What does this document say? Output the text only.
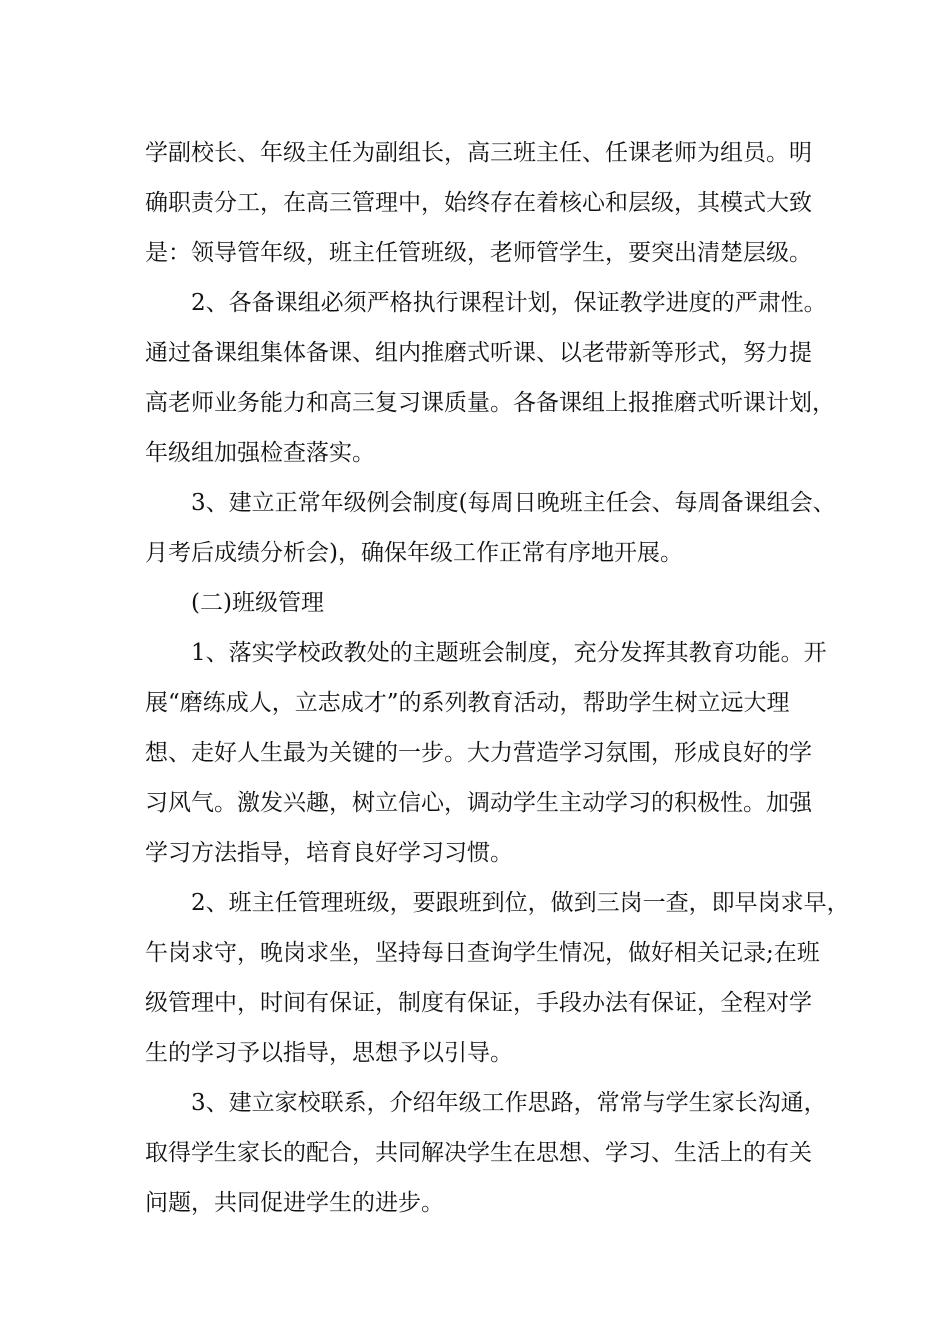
学副校长、年级主任为副组长，高三班主任、任课老师为组员。明
确职责分工，在高三管理中，始终存在着核心和层级，其模式大致
是：领导管年级，班主任管班级，老师管学生，要突出清楚层级。
2、各备课组必须严格执行课程计划，保证教学进度的严肃性。
通过备课组集体备课、组内推磨式听课、以老带新等形式，努力提
高老师业务能力和高三复习课质量。各备课组上报推磨式听课计划，
年级组加强检查落实。
3、建立正常年级例会制度(每周日晚班主任会、每周备课组会、
月考后成绩分析会)，确保年级工作正常有序地开展。
(二)班级管理
1、落实学校政教处的主题班会制度，充分发挥其教育功能。开
展“磨练成人，立志成才”的系列教育活动，帮助学生树立远大理
想、走好人生最为关键的一步。大力营造学习氛围，形成良好的学
习风气。激发兴趣，树立信心，调动学生主动学习的积极性。加强
学习方法指导，培育良好学习习惯。
2、班主任管理班级，要跟班到位，做到三岗一查，即早岗求早，
午岗求守，晚岗求坐，坚持每日查询学生情况，做好相关记录;在班
级管理中，时间有保证，制度有保证，手段办法有保证，全程对学
生的学习予以指导，思想予以引导。
3、建立家校联系，介绍年级工作思路，常常与学生家长沟通，
取得学生家长的配合，共同解决学生在思想、学习、生活上的有关
问题，共同促进学生的进步。
